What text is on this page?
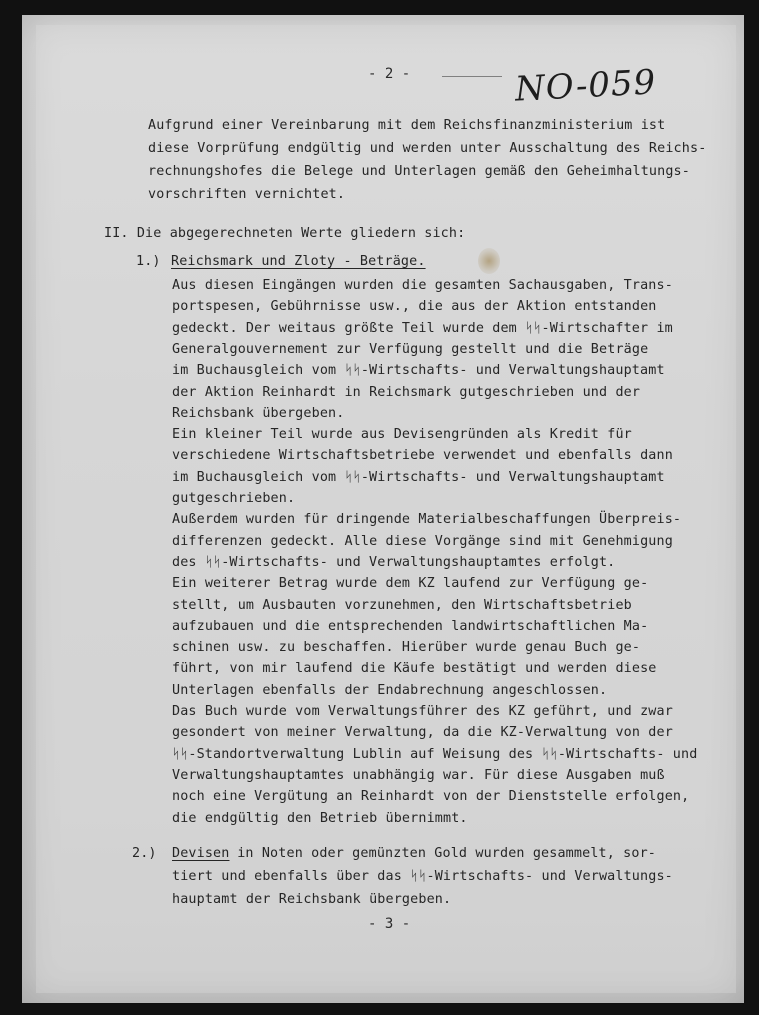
- 2 -	NO-059
Aufgrund einer Vereinbarung mit dem Reichsfinanzministerium ist
diese Vorprüfung endgültig und werden unter Ausschaltung des Reichs-
rechnungshofes die Belege und Unterlagen gemäß den Geheimhaltungs-
vorschriften vernichtet.
II. Die abgegerechneten Werte gliedern sich:
1.) Reichsmark und Zloty - Beträge.
Aus diesen Eingängen wurden die gesamten Sachausgaben, Trans-
portspesen, Gebührnisse usw., die aus der Aktion entstanden
gedeckt. Der weitaus größte Teil wurde dem ᛋᛋ-Wirtschafter im
Generalgouvernement zur Verfügung gestellt und die Beträge
im Buchausgleich vom ᛋᛋ-Wirtschafts- und Verwaltungshauptamt
der Aktion Reinhardt in Reichsmark gutgeschrieben und der
Reichsbank übergeben.
Ein kleiner Teil wurde aus Devisengründen als Kredit für
verschiedene Wirtschaftsbetriebe verwendet und ebenfalls dann
im Buchausgleich vom ᛋᛋ-Wirtschafts- und Verwaltungshauptamt
gutgeschrieben.
Außerdem wurden für dringende Materialbeschaffungen Überpreis-
differenzen gedeckt. Alle diese Vorgänge sind mit Genehmigung
des ᛋᛋ-Wirtschafts- und Verwaltungshauptamtes erfolgt.
Ein weiterer Betrag wurde dem KZ laufend zur Verfügung ge-
stellt, um Ausbauten vorzunehmen, den Wirtschaftsbetrieb
aufzubauen und die entsprechenden landwirtschaftlichen Ma-
schinen usw. zu beschaffen. Hierüber wurde genau Buch ge-
führt, von mir laufend die Käufe bestätigt und werden diese
Unterlagen ebenfalls der Endabrechnung angeschlossen.
Das Buch wurde vom Verwaltungsführer des KZ geführt, und zwar
gesondert von meiner Verwaltung, da die KZ-Verwaltung von der
ᛋᛋ-Standortverwaltung Lublin auf Weisung des ᛋᛋ-Wirtschafts- und
Verwaltungshauptamtes unabhängig war. Für diese Ausgaben muß
noch eine Vergütung an Reinhardt von der Dienststelle erfolgen,
die endgültig den Betrieb übernimmt.
2.) Devisen in Noten oder gemünzten Gold wurden gesammelt, sor-
tiert und ebenfalls über das ᛋᛋ-Wirtschafts- und Verwaltungs-
hauptamt der Reichsbank übergeben.
- 3 -
